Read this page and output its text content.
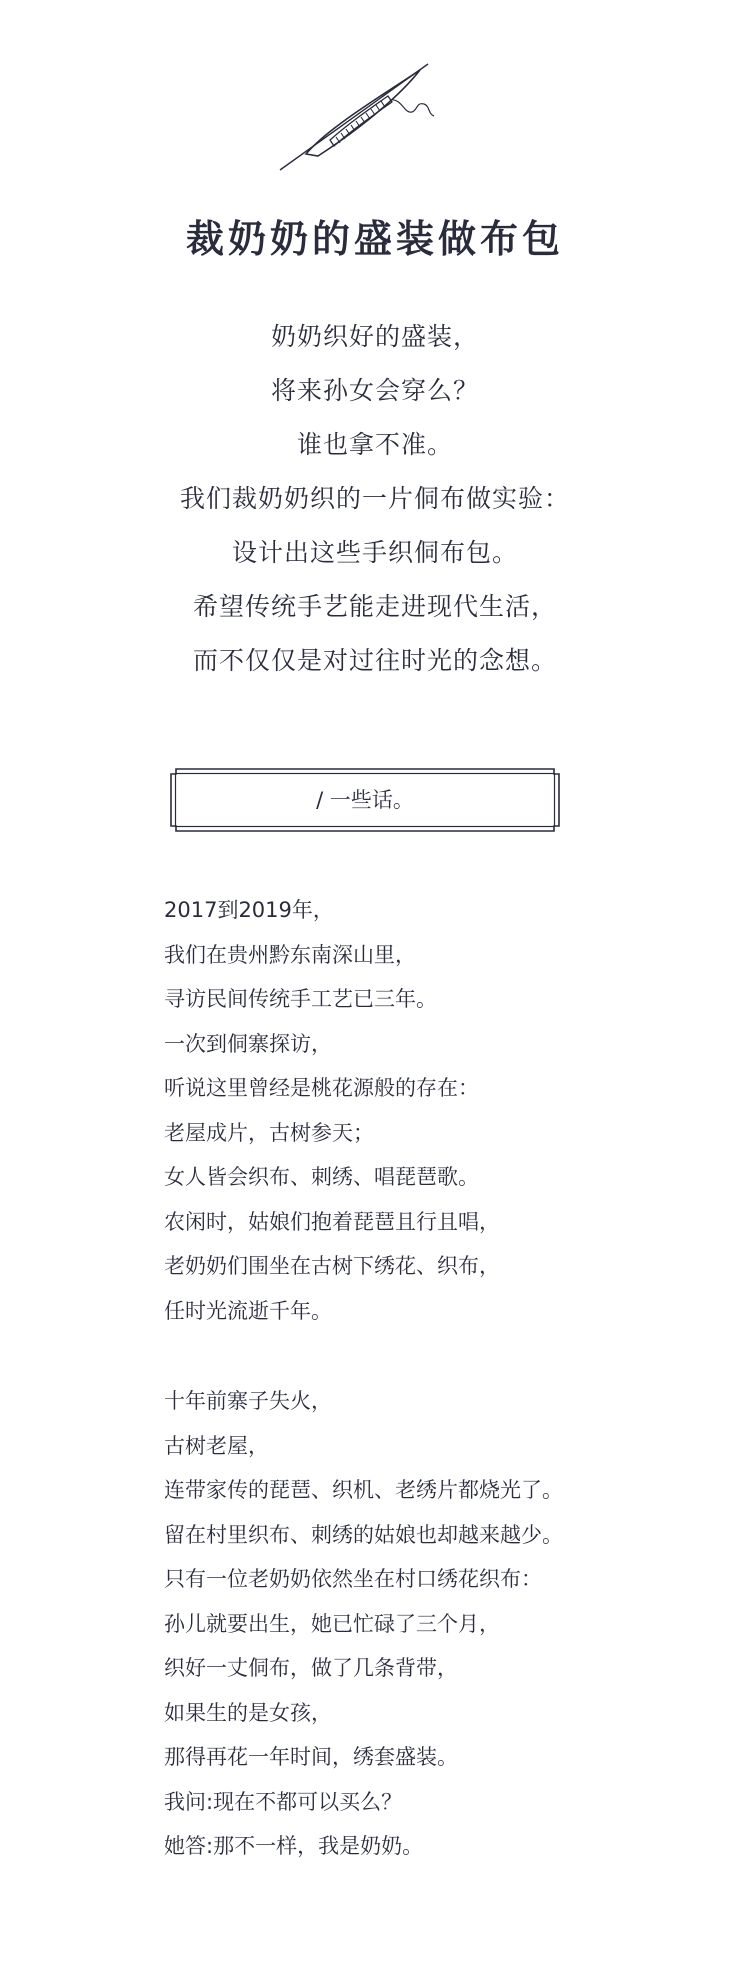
裁奶奶的盛装做布包
奶奶织好的盛装，
将来孙女会穿么？
谁也拿不准。
我们裁奶奶织的一片侗布做实验：
设计出这些手织侗布包。
希望传统手艺能走进现代生活，
而不仅仅是对过往时光的念想。
/ 一些话。
2017到2019年，
我们在贵州黔东南深山里，
寻访民间传统手工艺已三年。
一次到侗寨探访，
听说这里曾经是桃花源般的存在：
老屋成片，古树参天；
女人皆会织布、刺绣、唱琵琶歌。
农闲时，姑娘们抱着琵琶且行且唱，
老奶奶们围坐在古树下绣花、织布，
任时光流逝千年。
十年前寨子失火，
古树老屋，
连带家传的琵琶、织机、老绣片都烧光了。
留在村里织布、刺绣的姑娘也却越来越少。
只有一位老奶奶依然坐在村口绣花织布：
孙儿就要出生，她已忙碌了三个月，
织好一丈侗布，做了几条背带，
如果生的是女孩，
那得再花一年时间，绣套盛装。
我问:现在不都可以买么？
她答:那不一样，我是奶奶。
